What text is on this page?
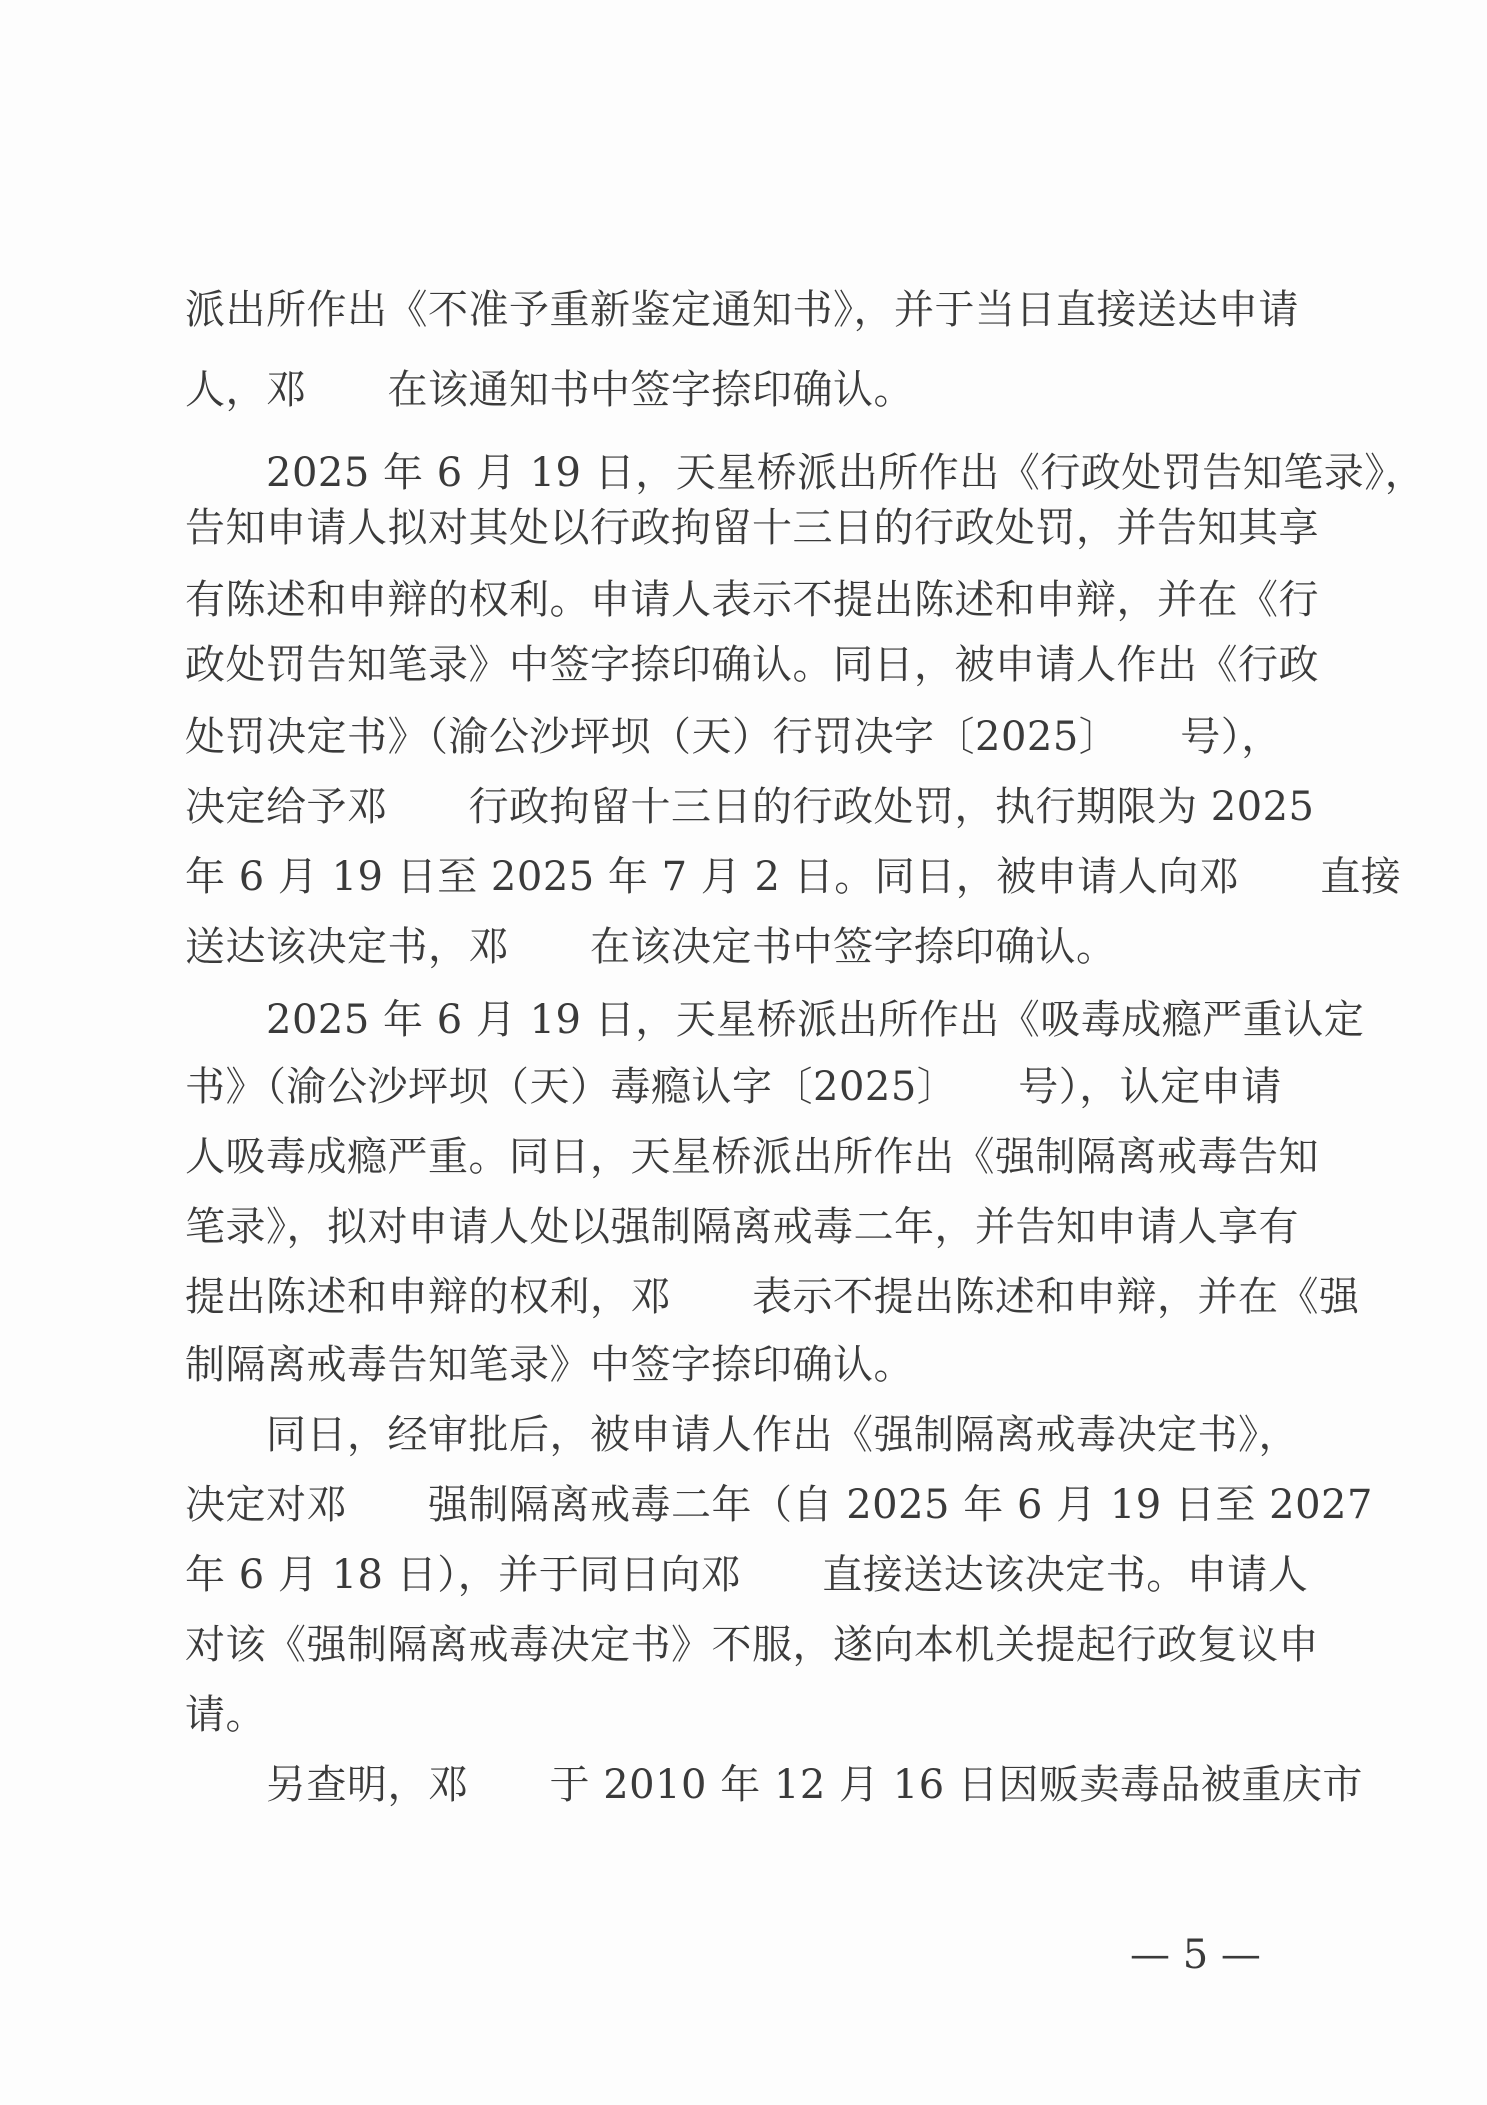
派出所作出《不准予重新鉴定通知书》，并于当日直接送达申请
人，邓　　在该通知书中签字捺印确认。
　　2025 年 6 月 19 日，天星桥派出所作出《行政处罚告知笔录》，
告知申请人拟对其处以行政拘留十三日的行政处罚，并告知其享
有陈述和申辩的权利。申请人表示不提出陈述和申辩，并在《行
政处罚告知笔录》中签字捺印确认。同日，被申请人作出《行政
处罚决定书》（渝公沙坪坝（天）行罚决字〔2025〕　　号），
决定给予邓　　行政拘留十三日的行政处罚，执行期限为 2025
年 6 月 19 日至 2025 年 7 月 2 日。同日，被申请人向邓　　直接
送达该决定书，邓　　在该决定书中签字捺印确认。
　　2025 年 6 月 19 日，天星桥派出所作出《吸毒成瘾严重认定
书》（渝公沙坪坝（天）毒瘾认字〔2025〕　　号），认定申请
人吸毒成瘾严重。同日，天星桥派出所作出《强制隔离戒毒告知
笔录》，拟对申请人处以强制隔离戒毒二年，并告知申请人享有
提出陈述和申辩的权利，邓　　表示不提出陈述和申辩，并在《强
制隔离戒毒告知笔录》中签字捺印确认。
　　同日，经审批后，被申请人作出《强制隔离戒毒决定书》，
决定对邓　　强制隔离戒毒二年（自 2025 年 6 月 19 日至 2027
年 6 月 18 日），并于同日向邓　　直接送达该决定书。申请人
对该《强制隔离戒毒决定书》不服，遂向本机关提起行政复议申
请。
　　另查明，邓　　于 2010 年 12 月 16 日因贩卖毒品被重庆市
— 5 —
